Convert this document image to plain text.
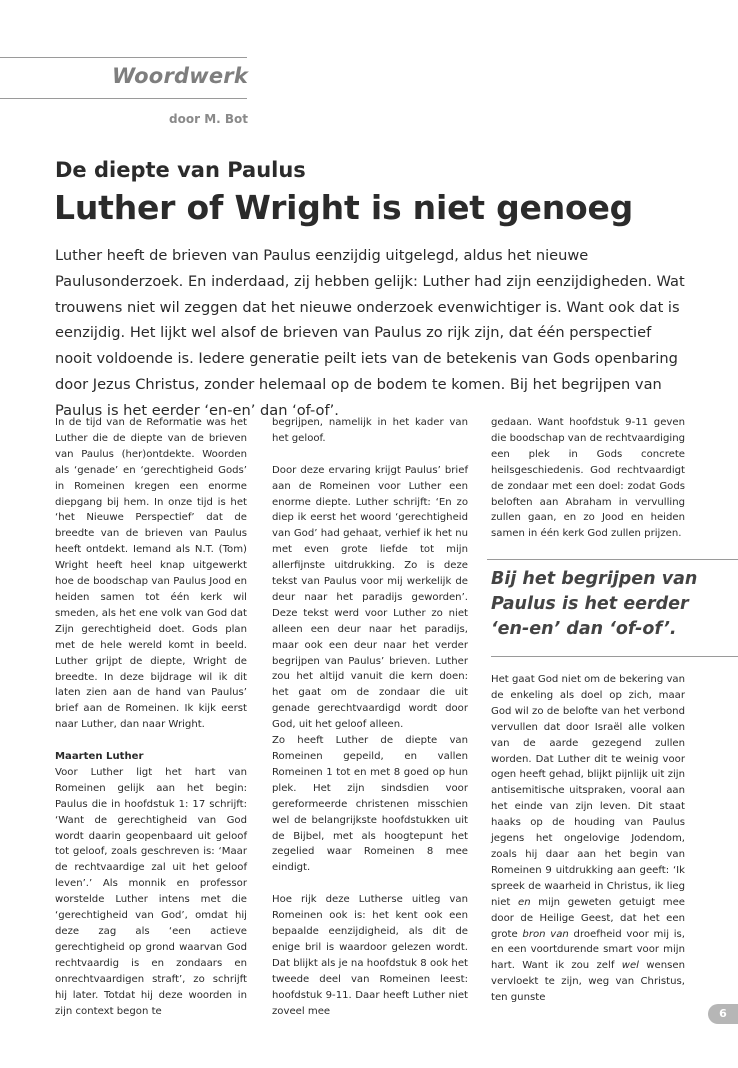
Woordwerk
door M. Bot
De diepte van Paulus
Luther of Wright is niet genoeg
Luther heeft de brieven van Paulus eenzijdig uitgelegd, aldus het nieuwe Paulusonderzoek. En inderdaad, zij hebben gelijk: Luther had zijn eenzijdigheden. Wat trouwens niet wil zeggen dat het nieuwe onderzoek evenwichtiger is. Want ook dat is eenzijdig. Het lijkt wel alsof de brieven van Paulus zo rijk zijn, dat één perspectief nooit voldoende is. Iedere generatie peilt iets van de betekenis van Gods openbaring door Jezus Christus, zonder helemaal op de bodem te komen. Bij het begrijpen van Paulus is het eerder ‘en-en’ dan ‘of-of’.

In de tijd van de Reformatie was het Luther die de diepte van de brieven van Paulus (her)ontdekte. Woorden als ‘genade’ en ‘gerechtigheid Gods’ in Romeinen kregen een enorme diepgang bij hem. In onze tijd is het ‘het Nieuwe Perspectief’ dat de breedte van de brieven van Paulus heeft ontdekt. Iemand als N.T. (Tom) Wright heeft heel knap uitgewerkt hoe de boodschap van Paulus Jood en heiden samen tot één kerk wil smeden, als het ene volk van God dat Zijn gerechtigheid doet. Gods plan met de hele wereld komt in beeld. Luther grijpt de diepte, Wright de breedte. In deze bijdrage wil ik dit laten zien aan de hand van Paulus’ brief aan de Romeinen. Ik kijk eerst naar Luther, dan naar Wright.

Maarten Luther

Voor Luther ligt het hart van Romeinen gelijk aan het begin: Paulus die in hoofdstuk 1: 17 schrijft: ‘Want de gerechtigheid van God wordt daarin geopenbaard uit geloof tot geloof, zoals geschreven is: ‘Maar de rechtvaardige zal uit het geloof leven’.’ Als monnik en professor worstelde Luther intens met die ‘gerechtigheid van God’, omdat hij deze zag als ‘een actieve gerechtigheid op grond waarvan God rechtvaardig is en zondaars en onrechtvaardigen straft’, zo schrijft hij later. Totdat hij deze woorden in zijn context begon te

begrijpen, namelijk in het kader van het geloof.

Door deze ervaring krijgt Paulus’ brief aan de Romeinen voor Luther een enorme diepte. Luther schrijft: ‘En zo diep ik eerst het woord ‘gerechtigheid van God’ had gehaat, verhief ik het nu met even grote liefde tot mijn allerfijnste uitdrukking. Zo is deze tekst van Paulus voor mij werkelijk de deur naar het paradijs geworden’. Deze tekst werd voor Luther zo niet alleen een deur naar het paradijs, maar ook een deur naar het verder begrijpen van Paulus’ brieven. Luther zou het altijd vanuit die kern doen: het gaat om de zondaar die uit genade gerechtvaardigd wordt door God, uit het geloof alleen.

Zo heeft Luther de diepte van Romeinen gepeild, en vallen Romeinen 1 tot en met 8 goed op hun plek. Het zijn sindsdien voor gereformeerde christenen misschien wel de belangrijkste hoofdstukken uit de Bijbel, met als hoogtepunt het zegelied waar Romeinen 8 mee eindigt.

Hoe rijk deze Lutherse uitleg van Romeinen ook is: het kent ook een bepaalde eenzijdigheid, als dit de enige bril is waardoor gelezen wordt. Dat blijkt als je na hoofdstuk 8 ook het tweede deel van Romeinen leest: hoofdstuk 9-11. Daar heeft Luther niet zoveel mee

gedaan. Want hoofdstuk 9-11 geven die boodschap van de rechtvaardiging een plek in Gods concrete heilsgeschiedenis. God rechtvaardigt de zondaar met een doel: zodat Gods beloften aan Abraham in vervulling zullen gaan, en zo Jood en heiden samen in één kerk God zullen prijzen.

Bij het begrijpen van Paulus is het eerder ‘en-en’ dan ‘of-of’.

Het gaat God niet om de bekering van de enkeling als doel op zich, maar God wil zo de belofte van het verbond vervullen dat door Israël alle volken van de aarde gezegend zullen worden. Dat Luther dit te weinig voor ogen heeft gehad, blijkt pijnlijk uit zijn antisemitische uitspraken, vooral aan het einde van zijn leven. Dit staat haaks op de houding van Paulus jegens het ongelovige Jodendom, zoals hij daar aan het begin van Romeinen 9 uitdrukking aan geeft: ‘Ik spreek de waarheid in Christus, ik lieg niet en mijn geweten getuigt mee door de Heilige Geest, dat het een grote bron van droefheid voor mij is, en een voortdurende smart voor mijn hart. Want ik zou zelf wel wensen vervloekt te zijn, weg van Christus, ten gunste

6
